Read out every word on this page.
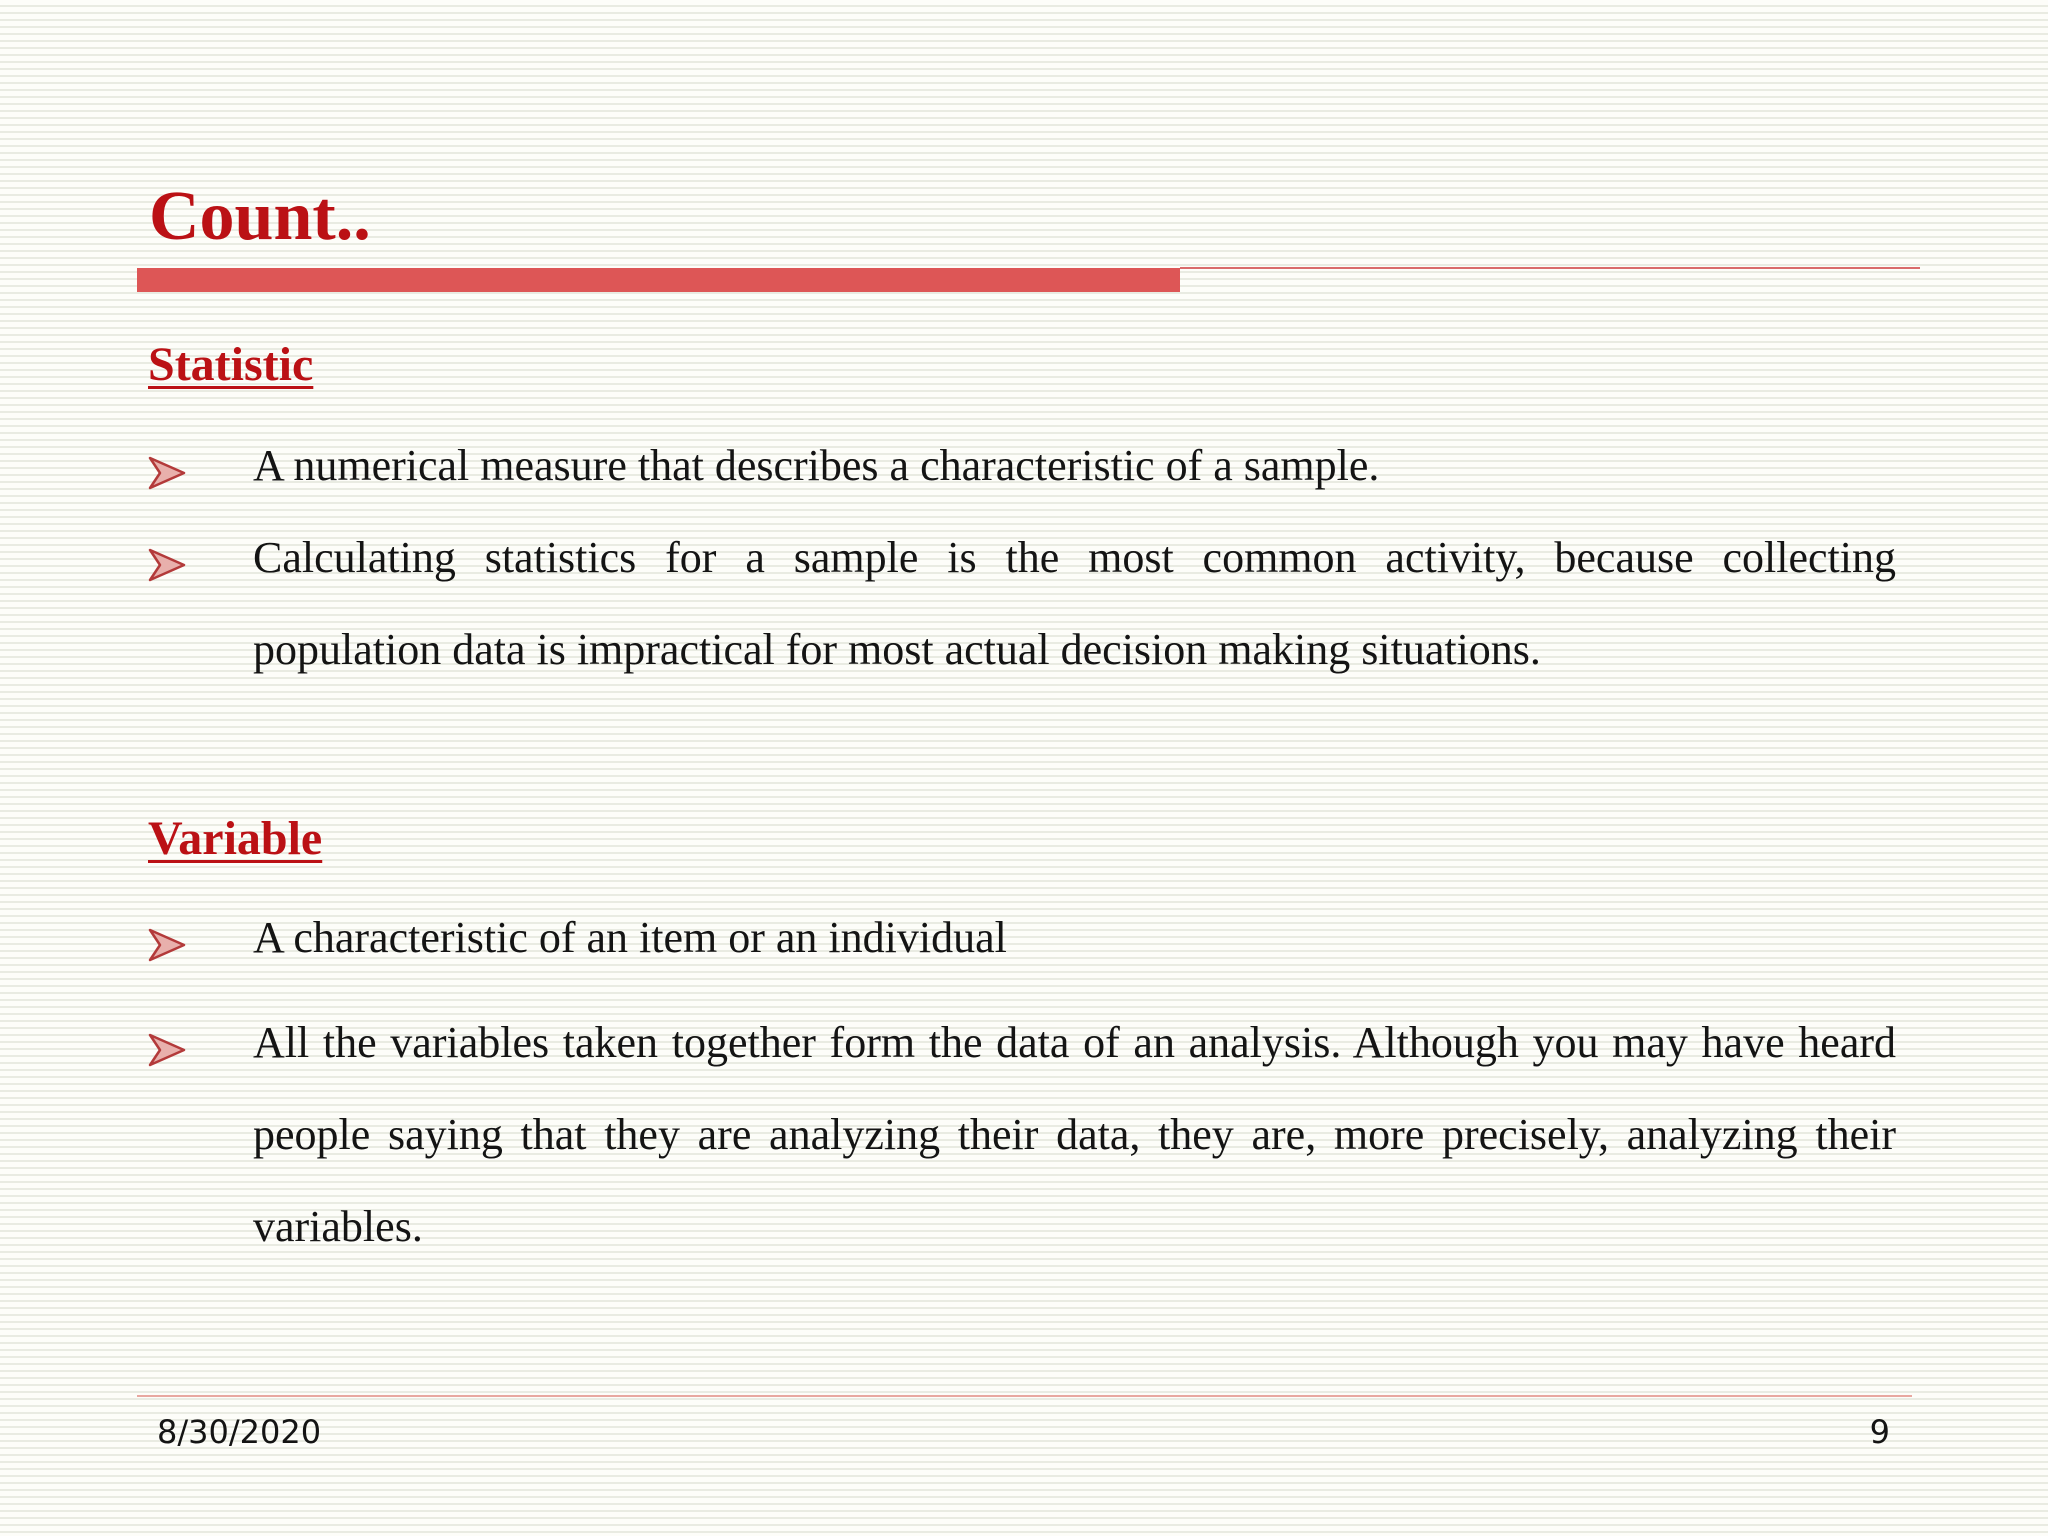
Count..
Statistic

A numerical measure that describes a characteristic of a sample.

Calculating statistics for a sample is the most common activity, because collecting population data is impractical for most actual decision making situations.

Variable

A characteristic of an item or an individual

All the variables taken together form the data of an analysis. Although you may have heard people saying that they are analyzing their data, they are, more precisely, analyzing their variables.

8/30/2020	9
